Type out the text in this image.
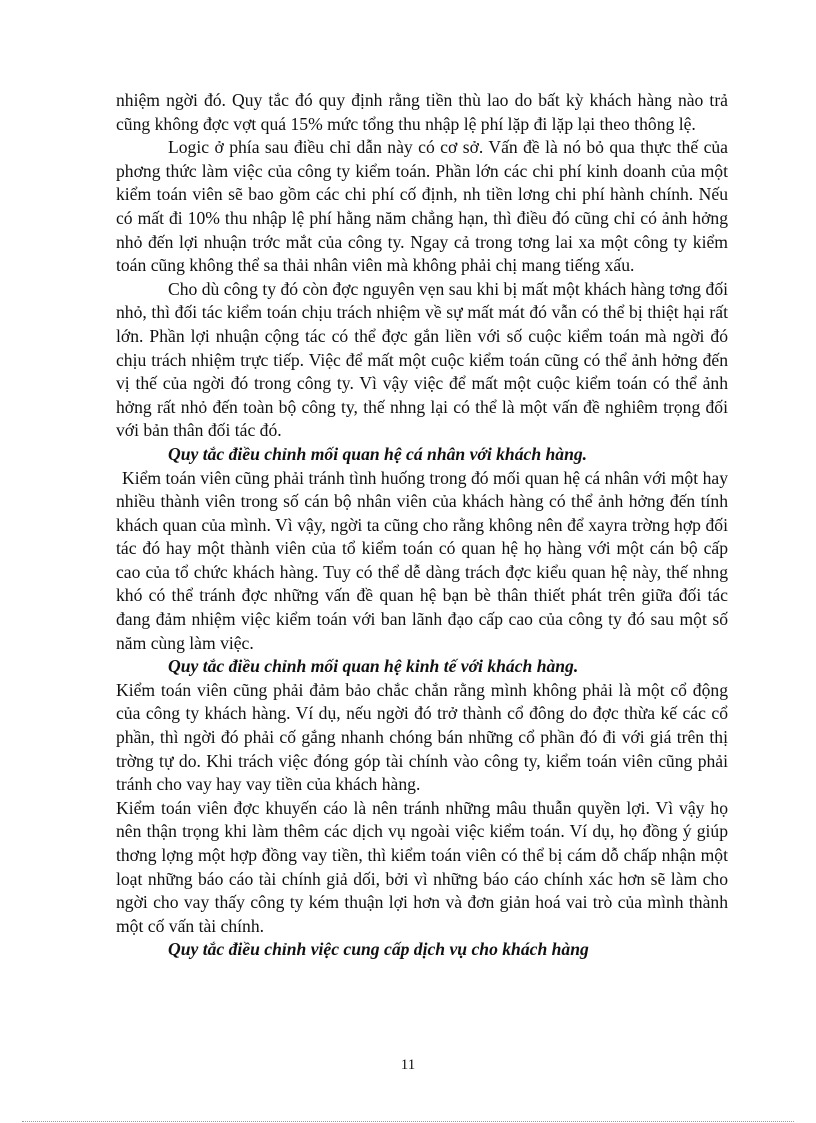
nhiệm ngời đó. Quy tắc đó quy định rằng tiền thù lao do bất kỳ khách hàng nào trả cũng không đợc vợt quá 15% mức tổng thu nhập lệ phí lặp đi lặp lại theo thông lệ.

Logic ở phía sau điều chỉ dẫn này có cơ sở. Vấn đề là nó bỏ qua thực thế của phơng thức làm việc của công ty kiểm toán. Phần lớn các chi phí kinh doanh của một kiểm toán viên sẽ bao gồm các chi phí cố định, nh tiền lơng chi phí hành chính. Nếu có mất đi 10% thu nhập lệ phí hằng năm chẳng hạn, thì điều đó cũng chỉ có ảnh hởng nhỏ đến lợi nhuận trớc mắt của công ty. Ngay cả trong tơng lai xa một công ty kiểm toán cũng không thể sa thải nhân viên mà không phải chị mang tiếng xấu.

Cho dù công ty đó còn đợc nguyên vẹn sau khi bị mất một khách hàng tơng đối nhỏ, thì đối tác kiểm toán chịu trách nhiệm về sự mất mát đó vẫn có thể bị thiệt hại rất lớn. Phần lợi nhuận cộng tác có thể đợc gắn liền với số cuộc kiểm toán mà ngời đó chịu trách nhiệm trực tiếp. Việc để mất một cuộc kiểm toán cũng có thể ảnh hởng đến vị thế của ngời đó trong công ty. Vì vậy việc để mất một cuộc kiểm toán có thể ảnh hởng rất nhỏ đến toàn bộ công ty, thế nhng lại có thể là một vấn đề nghiêm trọng đối với bản thân đối tác đó.

Quy tắc điều chỉnh mối quan hệ cá nhân với khách hàng.

Kiểm toán viên cũng phải tránh tình huống trong đó mối quan hệ cá nhân với một hay nhiều thành viên trong số cán bộ nhân viên của khách hàng có thể ảnh hởng đến tính khách quan của mình. Vì vậy, ngời ta cũng cho rằng không nên để xayra trờng hợp đối tác đó hay một thành viên của tổ kiểm toán có quan hệ họ hàng với một cán bộ cấp cao của tổ chức khách hàng. Tuy có thể dễ dàng trách đợc kiểu quan hệ này, thế nhng khó có thể tránh đợc những vấn đề quan hệ bạn bè thân thiết phát trên giữa đối tác đang đảm nhiệm việc kiểm toán với ban lãnh đạo cấp cao của công ty đó sau một số năm cùng làm việc.

Quy tắc điều chỉnh mối quan hệ kinh tế với khách hàng.

Kiểm toán viên cũng phải đảm bảo chắc chắn rằng mình không phải là một cổ động của công ty khách hàng. Ví dụ, nếu ngời đó trở thành cổ đông do đợc thừa kế các cổ phần, thì ngời đó phải cố gắng nhanh chóng bán những cổ phần đó đi với giá trên thị trờng tự do. Khi trách việc đóng góp tài chính vào công ty, kiểm toán viên cũng phải tránh cho vay hay vay tiền của khách hàng.

Kiểm toán viên đợc khuyến cáo là nên tránh những mâu thuẫn quyền lợi. Vì vậy họ nên thận trọng khi làm thêm các dịch vụ ngoài việc kiểm toán. Ví dụ, họ đồng ý giúp thơng lợng một hợp đồng vay tiền, thì kiểm toán viên có thể bị cám dỗ chấp nhận một loạt những báo cáo tài chính giả dối, bởi vì những báo cáo chính xác hơn sẽ làm cho ngời cho vay thấy công ty kém thuận lợi hơn và đơn giản hoá vai trò của mình thành một cố vấn tài chính.

Quy tắc điều chỉnh việc cung cấp dịch vụ cho khách hàng

11
